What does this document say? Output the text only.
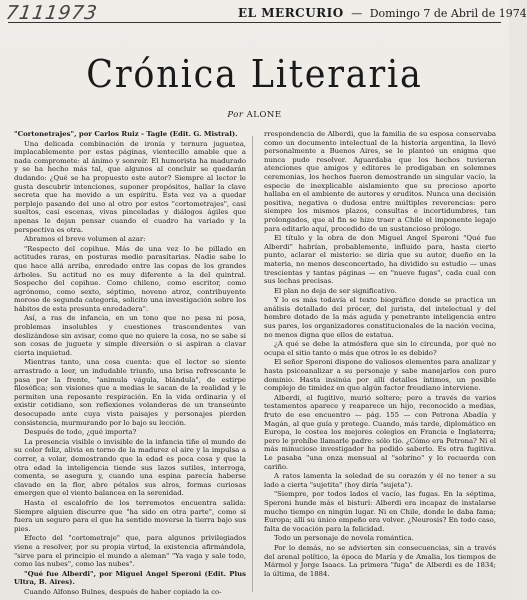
7111973	EL MERCURIO — Domingo 7 de Abril de 1974
Crónica Literaria
Por ALONE

"Cortonetrajes", por Carlos Ruiz - Tagle (Edit. G. Mistral).

Una delicada combinación de ironía y ternura juguetea, implacablemente por estas páginas, vientecillo amable que a nada compromete: al ánimo y sonreír. El humorista ha madurado y se ha hecho más tal, que algunos al concluir se quedarán dudando: ¿Qué se ha propuesto este autor? Siempre al lector le gusta descubrir intenciones, suponer propósitos, hallar la clave secreta que ha movido a un espíritu. Esta vez va a quedar perplejo pasando del uno al otro por estos "cortometrajes", casi sueltos, casi escenas, vivas pinceladas y diálogos ágiles que apenas le dejan pensar cuando el cuadro ha variado y la perspectiva es otra.

Abramos el breve volumen al azar:

"Respecto del copihue. Más de una vez lo he pillado en actitudes raras, en posturas medio parasitarias. Nadie sabe lo que hace allá arriba, enredado entre las copas de los grandes árboles. Su actitud no es muy diferente a la del quintral. Sospecho del copihue. Como chileno, como escritor, como agrónomo, como sexto, séptimo, noveno atroz, contribuyente moroso de segunda categoría, solicito una investigación sobre los hábitos de esta presunta enredadera".

Así, a ras de infancia, en un tono que no pesa ni posa, problemas insolubles y cuestiones trascendentes van deslizándose sin avisar, como que no quiere la cosa, no se sabe si son cosas de juguete y simple diversión o si aspiran a clavar cierta inquietud.

Mientras tanto, una cosa cuenta: que el lector se siente arrastrado a leer, un indudable triunfo, una brisa refrescante le pasa por la frente, "animula vágula, blándula", de estirpe filosófica; son visiones que a medias le sacan de la realidad y le permiten una reposante respiración. En la vida ordinaria y el existir cotidiano, son reflexiones volanderas de un transeúnte desocupado ante cuya vista paisajes y personajes pierden consistencia, murmurando por lo bajo su lección.

Después de todo, ¿qué importa?

La presencia visible o invisible de la infancia tiñe el mundo de su color feliz, alivia en torno de la madurez el aire y la impulsa a correr, a volar, demostrando que la edad es poca cosa y que la otra edad la inteligencia tiende sus lazos sutiles, interroga, comenta, se asegura y, cuando una espina parecía haberse clavado en la flor, abre pétalos sus alros, formas curiosas emergen que el viento balancea en la serenidad.

Hasta el escalofrío de los terremotos encuentra salida: Siempre alguien discurre que "ha sido en otra parte", como si fuera un seguro para el que ha sentido moverse la tierra bajo sus pies.

Efecto del "cortometraje" que, para algunos privilegiados viene a resolver, por su propia virtud, la existencia afirmándola, "sirve para el principio el mundo a aleman" "Ya vaga y sale todo, como las nubes", como las nubes".

"Qué fue Alberdi", por Miguel Angel Speroni (Edit. Plus Ultra, B. Aires).

Cuando Alfonso Bulnes, después de haber copiado la co-

rrespondencia de Alberdi, que la familia de su esposa conservaba como un documento intelectual de la historia argentina, la llevó personalmente a Buenos Aires, se le planteó un enigma que nunca pudo resolver. Aguardaba que los hechos tuvieran atenciones que amigos y editores le prodigaban en solemnes ceremonias, los hechos fueron demostrando un singular vacío, la especie de inexplicable aislamiento que su precioso aporte hallaba en el ambiente de autores y eruditos. Nunca una decisión positiva, negativa o dudosa entre múltiples reverencias: pero siempre los mismos plazos, consultas e incertidumbres, tan prolongados, que al fin se hizo traer a Chile el imponente legajo para editarlo aquí, procedido de un sustancioso prólogo.

El título y la obra de don Miguel Angel Speroni "Qué fue Alberdi" habrían, probablemente, influido para, hasta cierto punto, aclarar el misterio: se diría que su autor, dueño en la materia, no menos desconcertado, ha dividido su estudio — unas trescientas y tantas páginas — en "nueve fugas", cada cual con sus lechas precisas.

El plan no deja de ser significativo.

Y lo es más todavía el texto biográfico donde se practica un análisis detallado del prócer, del jurista, del intelectual y del hombre dotado de la más aguda y penetrante inteligencia entre sus pares, los organizadores constitucionales de la nación vecina, no menos digna que ellos de estatua.

¿A qué se debe la atmósfera que sin lo circunda, por qué no ocupa el sitio tanto o más que otros le es debido?

El señor Speroni dispone de valiosos elementos para analizar y hasta psicoanalizar a su personaje y sabe manejarlos con puro dominio. Hasta insinúa por allí detalles íntimos, un posible complejo de timidez en que algún factor freudiano interviene.

Alberdi, el fugitivo, murió soltero; pero a través de varios testamentos aparece y reaparece un hijo, reconocido a medias, fruto de ese encuentro — pág. 155 — con Petrona Abadía y Magán, al que guía y protege. Cuando, más tarde, diplomático en Europa, le costea los mejores colegios en Francia e Inglaterra; pero le prohíbe llamarle padre: sólo tío. ¿Cómo era Petrona? Ni el más minucioso investigador ha podido saberlo. Es otra fugitiva. Le pasaba "una onza mensual al "sobrino" y lo recuerda con cariño.

A ratos lamenta la soledad de su corazón y él no tener a su lado a cierta "sujetita" (hoy diría "sujeta").

"Siempre, por todos lados el vacío, las fugas. En la séptima, Speroni hunde más el bisturí: Alberdi era incapaz de instalarse mucho tiempo en ningún lugar. Ni en Chile, donde le daba fama; Europa; allí su único empeño era volver. ¿Neurosis? En todo caso, falta de vocación para la felicidad.

Todo un personaje de novela romántica.

Por lo demás, no se advierten sin consecuencias, sin a través del arenal político, la época de María y de Amalia, los tiempos de Mármol y Jorge Isaacs. La primera "fuga" de Alberdi es de 1834; la última, de 1884.
